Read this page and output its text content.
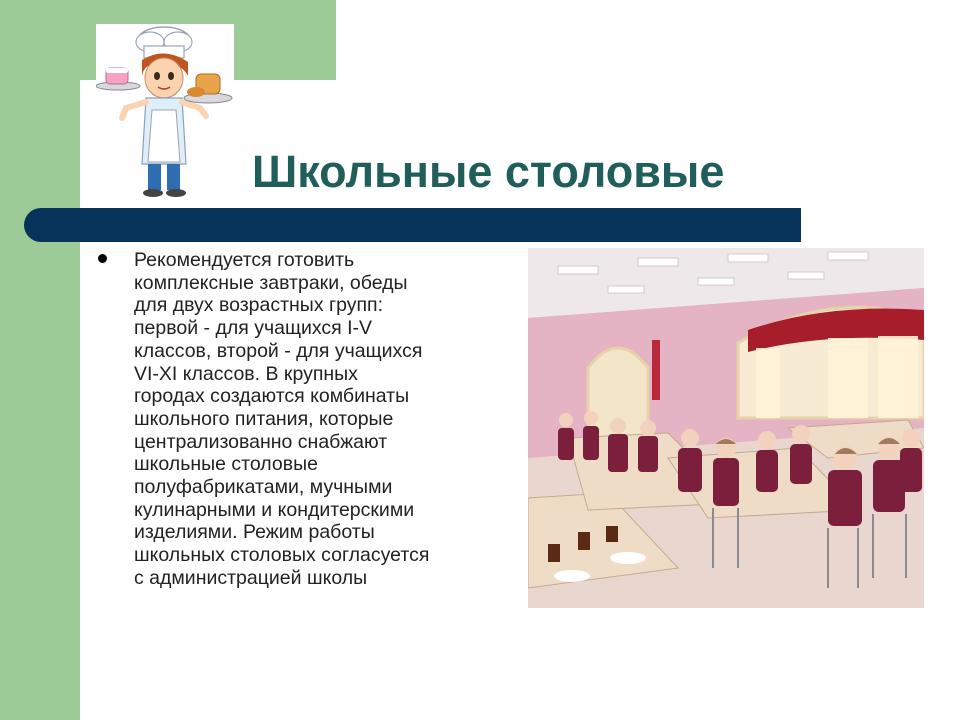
Школьные столовые
Рекомендуется готовить
комплексные завтраки, обеды
для двух возрастных групп:
первой - для учащихся I-V
классов, второй - для учащихся
VI-XI классов. В крупных
городах создаются комбинаты
школьного питания, которые
централизованно снабжают
школьные столовые
полуфабрикатами, мучными
кулинарными и кондитерскими
изделиями. Режим работы
школьных столовых согласуется
с администрацией школы
